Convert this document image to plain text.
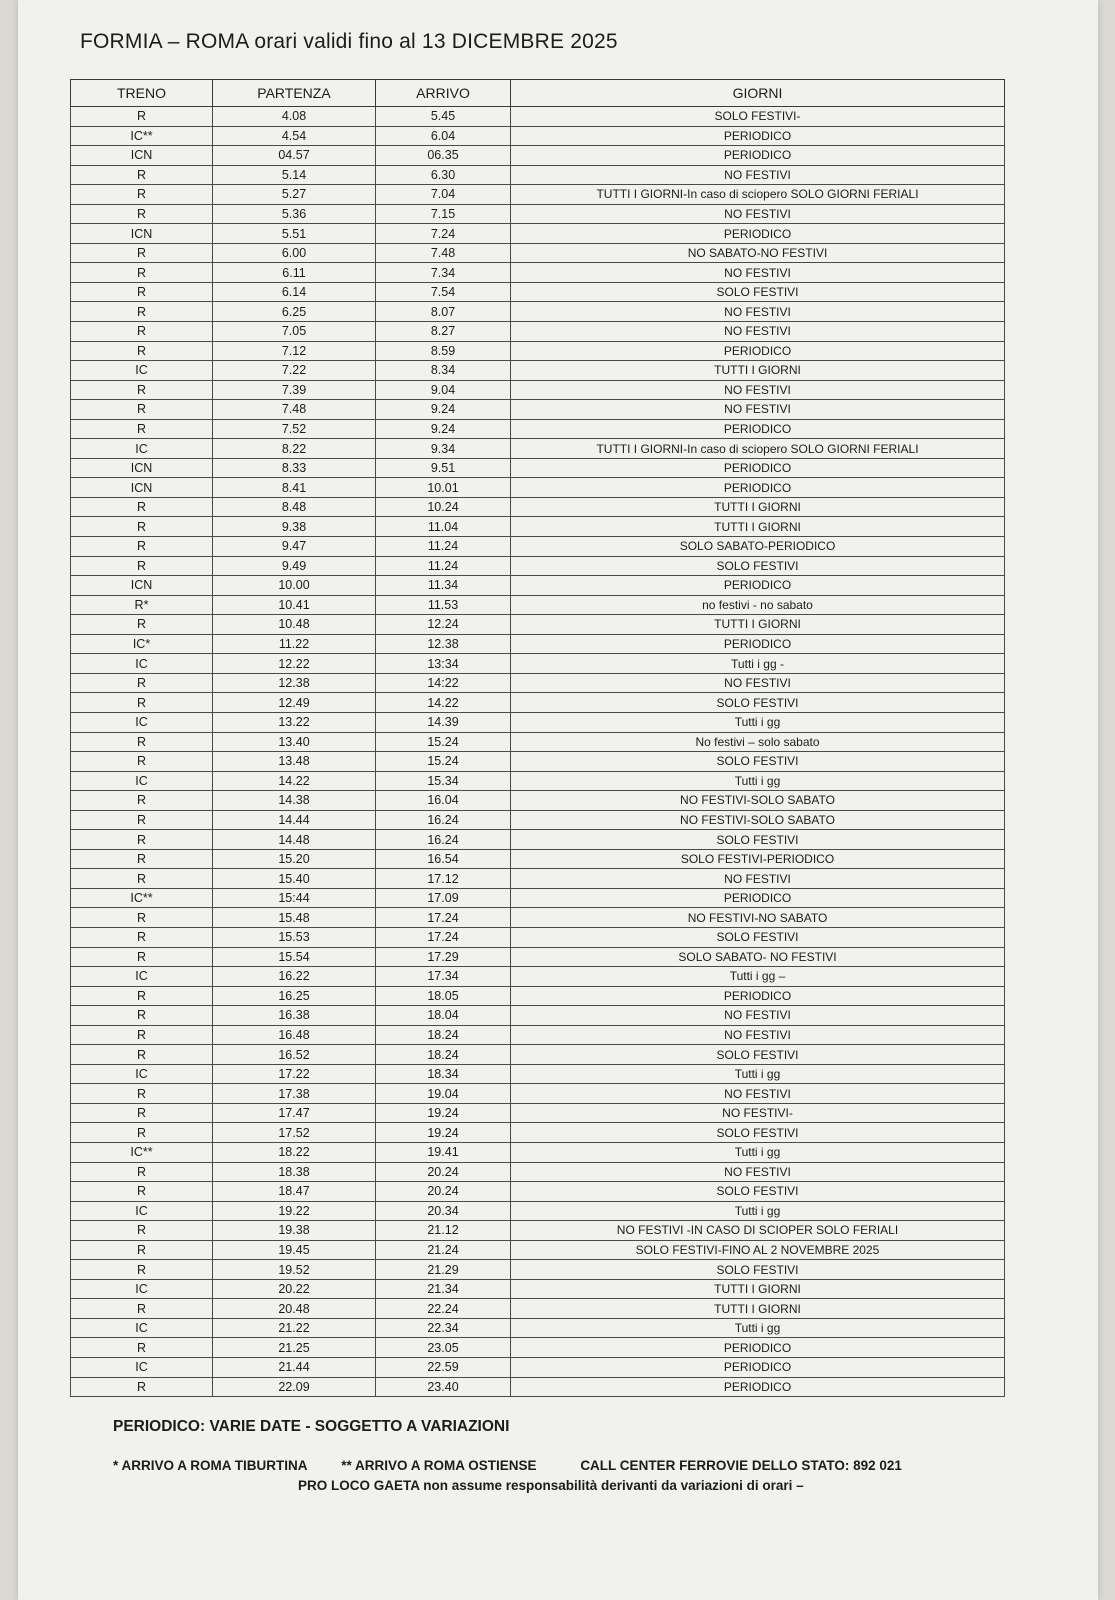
FORMIA – ROMA orari validi fino al 13 DICEMBRE 2025
TRENO	PARTENZA	ARRIVO	GIORNI
R	4.08	5.45	SOLO FESTIVI-
IC**	4.54	6.04	PERIODICO
ICN	04.57	06.35	PERIODICO
R	5.14	6.30	NO FESTIVI
R	5.27	7.04	TUTTI I GIORNI-In caso di sciopero SOLO GIORNI FERIALI
R	5.36	7.15	NO FESTIVI
ICN	5.51	7.24	PERIODICO
R	6.00	7.48	NO SABATO-NO FESTIVI
R	6.11	7.34	NO FESTIVI
R	6.14	7.54	SOLO FESTIVI
R	6.25	8.07	NO FESTIVI
R	7.05	8.27	NO FESTIVI
R	7.12	8.59	PERIODICO
IC	7.22	8.34	TUTTI I GIORNI
R	7.39	9.04	NO FESTIVI
R	7.48	9.24	NO FESTIVI
R	7.52	9.24	PERIODICO
IC	8.22	9.34	TUTTI I GIORNI-In caso di sciopero SOLO GIORNI FERIALI
ICN	8.33	9.51	PERIODICO
ICN	8.41	10.01	PERIODICO
R	8.48	10.24	TUTTI I GIORNI
R	9.38	11.04	TUTTI I GIORNI
R	9.47	11.24	SOLO SABATO-PERIODICO
R	9.49	11.24	SOLO FESTIVI
ICN	10.00	11.34	PERIODICO
R*	10.41	11.53	no festivi - no sabato
R	10.48	12.24	TUTTI I GIORNI
IC*	11.22	12.38	PERIODICO
IC	12.22	13:34	Tutti i gg -
R	12.38	14:22	NO FESTIVI
R	12.49	14.22	SOLO FESTIVI
IC	13.22	14.39	Tutti i gg
R	13.40	15.24	No festivi – solo sabato
R	13.48	15.24	SOLO FESTIVI
IC	14.22	15.34	Tutti i gg
R	14.38	16.04	NO FESTIVI-SOLO SABATO
R	14.44	16.24	NO FESTIVI-SOLO SABATO
R	14.48	16.24	SOLO FESTIVI
R	15.20	16.54	SOLO FESTIVI-PERIODICO
R	15.40	17.12	NO FESTIVI
IC**	15:44	17.09	PERIODICO
R	15.48	17.24	NO FESTIVI-NO SABATO
R	15.53	17.24	SOLO FESTIVI
R	15.54	17.29	SOLO SABATO- NO FESTIVI
IC	16.22	17.34	Tutti i gg –
R	16.25	18.05	PERIODICO
R	16.38	18.04	NO FESTIVI
R	16.48	18.24	NO FESTIVI
R	16.52	18.24	SOLO FESTIVI
IC	17.22	18.34	Tutti i gg
R	17.38	19.04	NO FESTIVI
R	17.47	19.24	NO FESTIVI-
R	17.52	19.24	SOLO FESTIVI
IC**	18.22	19.41	Tutti i gg
R	18.38	20.24	NO FESTIVI
R	18.47	20.24	SOLO FESTIVI
IC	19.22	20.34	Tutti i gg
R	19.38	21.12	NO FESTIVI -IN CASO DI SCIOPER SOLO FERIALI
R	19.45	21.24	SOLO FESTIVI-FINO AL 2 NOVEMBRE 2025
R	19.52	21.29	SOLO FESTIVI
IC	20.22	21.34	TUTTI I GIORNI
R	20.48	22.24	TUTTI I GIORNI
IC	21.22	22.34	Tutti i gg
R	21.25	23.05	PERIODICO
IC	21.44	22.59	PERIODICO
R	22.09	23.40	PERIODICO
PERIODICO: VARIE DATE - SOGGETTO A VARIAZIONI
* ARRIVO A ROMA TIBURTINA	** ARRIVO A ROMA OSTIENSE	CALL CENTER FERROVIE DELLO STATO: 892 021
PRO LOCO GAETA non assume responsabilità derivanti da variazioni di orari –
